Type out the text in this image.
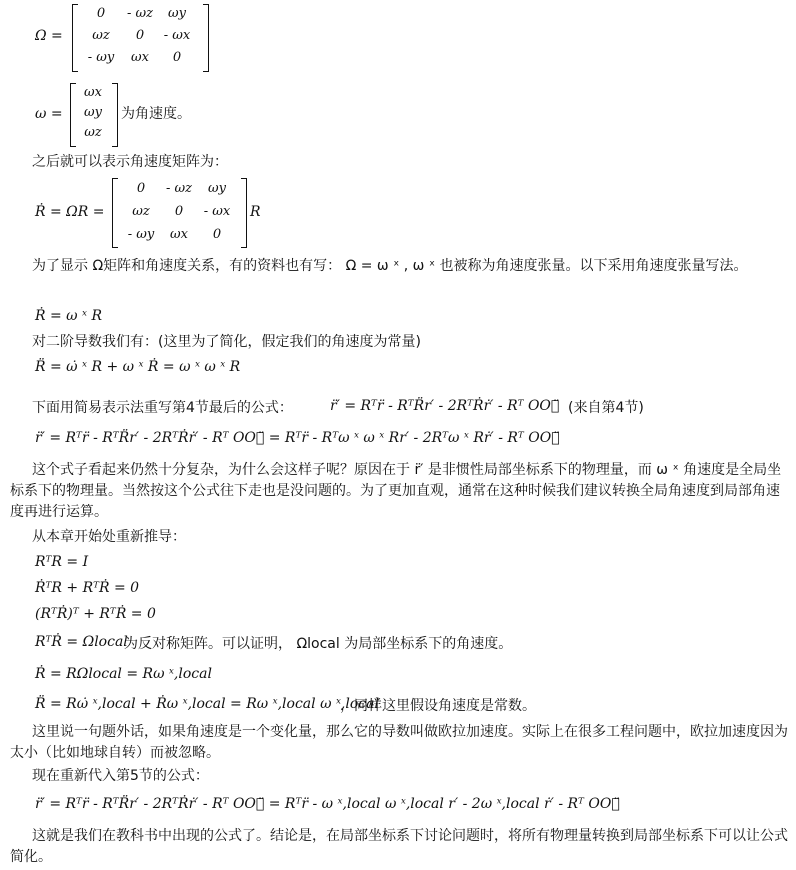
Ω =
0	- ωz	ωy
ωz	0	- ωx
- ωy	ωx	0
ω =
ωx
ωy
ωz
为角速度。
之后就可以表示角速度矩阵为：
Ṙ = ΩR =
0	- ωz	ωy
ωz	0	- ωx
- ωy	ωx	0
R
为了显示 Ω矩阵和角速度关系，有的资料也有写： Ω = ω ˣ , ω ˣ 也被称为角速度张量。以下采用角速度张量写法。
Ṙ = ω ˣ R
对二阶导数我们有：(这里为了简化，假定我们的角速度为常量)
R̈ = ω̇ ˣ R + ω ˣ Ṙ = ω ˣ ω ˣ R
下面用简易表示法重写第4节最后的公式：	r̈′ = Rᵀr̈ - RᵀR̈r′ - 2RᵀṘṙ′ - Rᵀ OO⃗̈ (来自第4节)
r̈′ = Rᵀr̈ - RᵀR̈r′ - 2RᵀṘṙ′ - Rᵀ OO⃗̈ = Rᵀr̈ - Rᵀω ˣ ω ˣ Rr′ - 2Rᵀω ˣ Rṙ′ - Rᵀ OO⃗̈
这个式子看起来仍然十分复杂，为什么会这样子呢？原因在于 r̈′ 是非惯性局部坐标系下的物理量，而 ω ˣ 角速度是全局坐标系下的物理量。当然按这个公式往下走也是没问题的。为了更加直观，通常在这种时候我们建议转换全局角速度到局部角速度再进行运算。
从本章开始处重新推导：
RᵀR = I
ṘᵀR + RᵀṘ = 0
(RᵀṘ)ᵀ + RᵀṘ = 0
RᵀṘ = Ωlocal
为反对称矩阵。可以证明， Ωlocal 为局部坐标系下的角速度。
Ṙ = RΩlocal = Rω ˣ,local
R̈ = Rω̇ ˣ,local + Ṙω ˣ,local = Rω ˣ,local ω ˣ,local
，同样这里假设角速度是常数。
这里说一句题外话，如果角速度是一个变化量，那么它的导数叫做欧拉加速度。实际上在很多工程问题中，欧拉加速度因为太小（比如地球自转）而被忽略。
现在重新代入第5节的公式：
r̈′ = Rᵀr̈ - RᵀR̈r′ - 2RᵀṘṙ′ - Rᵀ OO⃗̈ = Rᵀr̈ - ω ˣ,local ω ˣ,local r′ - 2ω ˣ,local ṙ′ - Rᵀ OO⃗̈
这就是我们在教科书中出现的公式了。结论是，在局部坐标系下讨论问题时，将所有物理量转换到局部坐标系下可以让公式简化。
